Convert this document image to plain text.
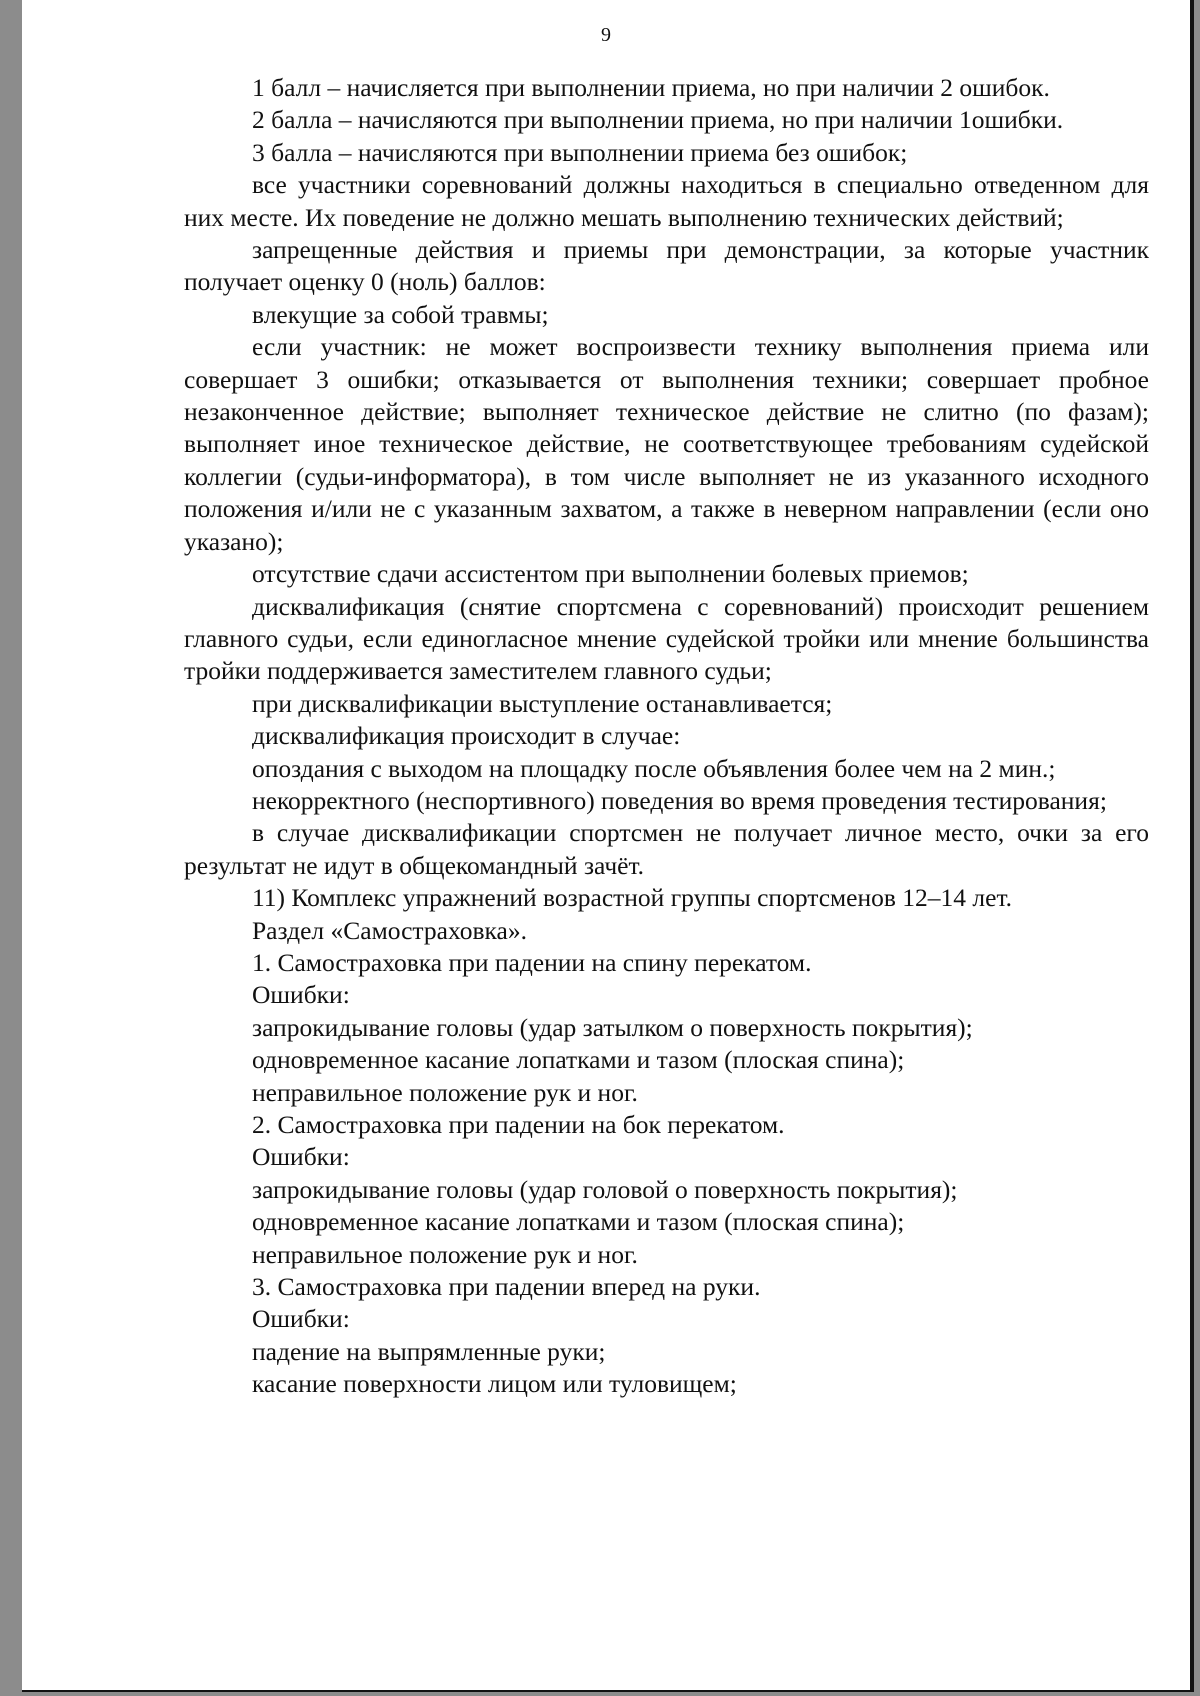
9

1 балл – начисляется при выполнении приема, но при наличии 2 ошибок.

2 балла – начисляются при выполнении приема, но при наличии 1ошибки.

3 балла – начисляются при выполнении приема без ошибок;

все участники соревнований должны находиться в специально отведенном для них месте. Их поведение не должно мешать выполнению технических действий;

запрещенные действия и приемы при демонстрации, за которые участник получает оценку 0 (ноль) баллов:

влекущие за собой травмы;

если участник: не может воспроизвести технику выполнения приема или совершает 3 ошибки; отказывается от выполнения техники; совершает пробное незаконченное действие; выполняет техническое действие не слитно (по фазам); выполняет иное техническое действие, не соответствующее требованиям судейской коллегии (судьи-информатора), в том числе выполняет не из указанного исходного положения и/или не с указанным захватом, а также в неверном направлении (если оно указано);

отсутствие сдачи ассистентом при выполнении болевых приемов;

дисквалификация (снятие спортсмена с соревнований) происходит решением главного судьи, если единогласное мнение судейской тройки или мнение большинства тройки поддерживается заместителем главного судьи;

при дисквалификации выступление останавливается;

дисквалификация происходит в случае:

опоздания с выходом на площадку после объявления более чем на 2 мин.;

некорректного (неспортивного) поведения во время проведения тестирования;

в случае дисквалификации спортсмен не получает личное место, очки за его результат не идут в общекомандный зачёт.

11) Комплекс упражнений возрастной группы спортсменов 12–14 лет.

Раздел «Самостраховка».

1. Самостраховка при падении на спину перекатом.

Ошибки:

запрокидывание головы (удар затылком о поверхность покрытия);

одновременное касание лопатками и тазом (плоская спина);

неправильное положение рук и ног.

2. Самостраховка при падении на бок перекатом.

Ошибки:

запрокидывание головы (удар головой о поверхность покрытия);

одновременное касание лопатками и тазом (плоская спина);

неправильное положение рук и ног.

3. Самостраховка при падении вперед на руки.

Ошибки:

падение на выпрямленные руки;

касание поверхности лицом или туловищем;
